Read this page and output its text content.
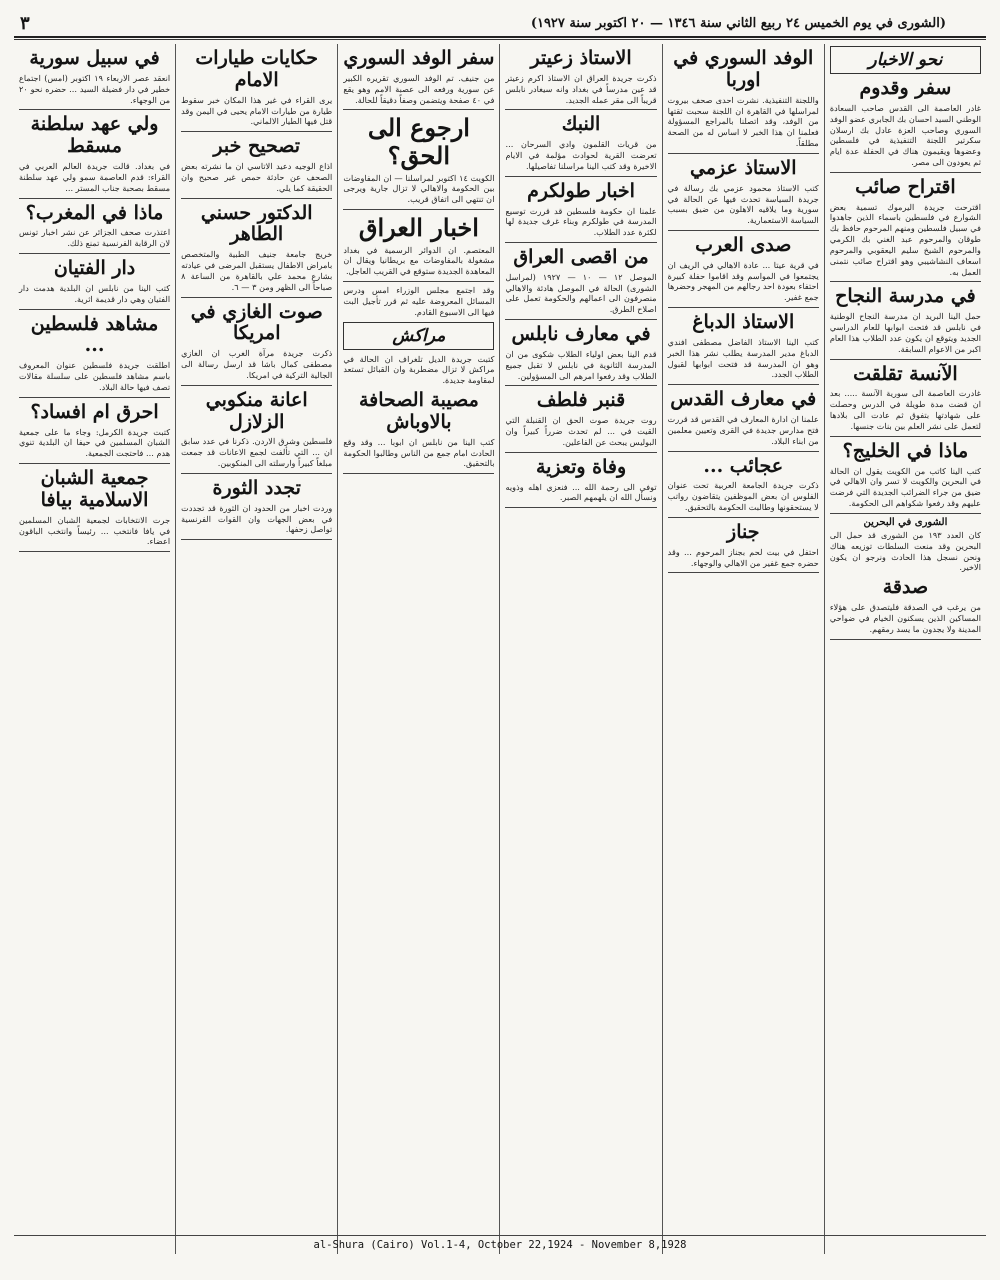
(الشورى في يوم الخميس ٢٤ ربيع الثاني سنة ١٣٤٦ — ٢٠ اكتوبر سنة ١٩٢٧)
٣
نحو الاخبار
سفر وقدوم
غادر العاصمة الى القدس صاحب السعادة الوطني السيد احسان بك الجابري عضو الوفد السوري وصاحب العزة عادل بك ارسلان سكرتير اللجنة التنفيذية في فلسطين وعضوها ويقيمون هناك في الحفلة عدة ايام ثم يعودون الى مصر.
اقتراح صائب
اقترحت جريدة اليرموك تسمية بعض الشوارع في فلسطين باسماء الذين جاهدوا في سبيل فلسطين ومنهم المرحوم حافظ بك طوقان والمرحوم عبد الغني بك الكرمي والمرحوم الشيخ سليم اليعقوبي والمرحوم اسعاف النشاشيبي وهو اقتراح صائب نتمنى العمل به.
في مدرسة النجاح
حمل الينا البريد ان مدرسة النجاح الوطنية في نابلس قد فتحت ابوابها للعام الدراسي الجديد ويتوقع ان يكون عدد الطلاب هذا العام اكبر من الاعوام السابقة.
الآنسة تقلقت
غادرت العاصمة الى سورية الآنسة ..... بعد ان قضت مدة طويلة في الدرس وحصلت على شهادتها بتفوق ثم عادت الى بلادها لتعمل على نشر العلم بين بنات جنسها.
ماذا في الخليج؟
كتب الينا كاتب من الكويت يقول ان الحالة في البحرين والكويت لا تسر وان الاهالي في ضيق من جراء الضرائب الجديدة التي فرضت عليهم وقد رفعوا شكواهم الى الحكومة.
الشورى في البحرين
كان العدد ١٩٣ من الشورى قد حمل الى البحرين وقد منعت السلطات توزيعه هناك ونحن نسجل هذا الحادث ونرجو ان يكون الاخير.
صدقة
من يرغب في الصدقة فليتصدق على هؤلاء المساكين الذين يسكنون الخيام في ضواحي المدينة ولا يجدون ما يسد رمقهم.
الوفد السوري في اوربا
واللجنة التنفيذية. نشرت احدى صحف بيروت لمراسلها في القاهرة ان اللجنة سحبت ثقتها من الوفد، وقد اتصلنا بالمراجع المسؤولة فعلمنا ان هذا الخبر لا اساس له من الصحة مطلقاً.
الاستاذ عزمي
كتب الاستاذ محمود عزمي بك رسالة في جريدة السياسة تحدث فيها عن الحالة في سورية وما يلاقيه الاهلون من ضيق بسبب السياسة الاستعمارية.
صدى العرب
في قرية عيتا ... عادة الاهالي في الريف ان يجتمعوا في المواسم وقد اقاموا حفلة كبيرة احتفاء بعودة احد رجالهم من المهجر وحضرها جمع غفير.
الاستاذ الدباغ
كتب الينا الاستاذ الفاضل مصطفى افندي الدباغ مدير المدرسة يطلب نشر هذا الخبر وهو ان المدرسة قد فتحت ابوابها لقبول الطلاب الجدد.
في معارف القدس
علمنا ان ادارة المعارف في القدس قد قررت فتح مدارس جديدة في القرى وتعيين معلمين من ابناء البلاد.
عجائب ...
ذكرت جريدة الجامعة العربية تحت عنوان الفلوس ان بعض الموظفين يتقاضون رواتب لا يستحقونها وطالبت الحكومة بالتحقيق.
جناز
احتفل في بيت لحم بجناز المرحوم ... وقد حضره جمع غفير من الاهالي والوجهاء.
الاستاذ زعيتر
ذكرت جريدة العراق ان الاستاذ اكرم زعيتر قد عين مدرساً في بغداد وانه سيغادر نابلس قريباً الى مقر عمله الجديد.
النبك
من قريات القلمون وادي السرحان ... تعرضت القرية لحوادث مؤلمة في الايام الاخيرة وقد كتب الينا مراسلنا تفاصيلها.
اخبار طولكرم
علمنا ان حكومة فلسطين قد قررت توسيع المدرسة في طولكرم وبناء غرف جديدة لها لكثرة عدد الطلاب.
من اقصى العراق
الموصل ١٢ — ١٠ — ١٩٢٧ (لمراسل الشورى) الحالة في الموصل هادئة والاهالي منصرفون الى اعمالهم والحكومة تعمل على اصلاح الطرق.
في معارف نابلس
قدم الينا بعض اولياء الطلاب شكوى من ان المدرسة الثانوية في نابلس لا تقبل جميع الطلاب وقد رفعوا امرهم الى المسؤولين.
قنبر فلطف
روت جريدة صوت الحق ان القنبلة التي القيت في ... لم تحدث ضرراً كبيراً وان البوليس يبحث عن الفاعلين.
وفاة وتعزية
توفي الى رحمة الله ... فنعزي اهله وذويه ونسأل الله ان يلهمهم الصبر.
سفر الوفد السوري
من جنيف. تم الوفد السوري تقريره الكبير عن سورية ورفعه الى عصبة الامم وهو يقع في ٤٠ صفحة ويتضمن وصفاً دقيقاً للحالة.
ارجوع الى الحق؟
الكويت ١٤ اكتوبر لمراسلنا — ان المفاوضات بين الحكومة والاهالي لا تزال جارية ويرجى ان تنتهي الى اتفاق قريب.
اخبار العراق
المعتصم. ان الدوائر الرسمية في بغداد مشغولة بالمفاوضات مع بريطانيا ويقال ان المعاهدة الجديدة ستوقع في القريب العاجل.
وقد اجتمع مجلس الوزراء امس ودرس المسائل المعروضة عليه ثم قرر تأجيل البت فيها الى الاسبوع القادم.
مراكش
كتبت جريدة الديل تلغراف ان الحالة في مراكش لا تزال مضطربة وان القبائل تستعد لمقاومة جديدة.
مصيبة الصحافة بالاوباش
كتب الينا من نابلس ان ابوبا ... وقد وقع الحادث امام جمع من الناس وطالبوا الحكومة بالتحقيق.
حكايات طيارات الامام
يرى القراء في غير هذا المكان خبر سقوط طيارة من طيارات الامام يحيى في اليمن وقد قتل فيها الطيار الالماني.
تصحيح خبر
اذاع الوجيه دعيد الاتاسي ان ما نشرته بعض الصحف عن حادثة حمص غير صحيح وان الحقيقة كما يلي.
الدكتور حسني الطاهر
خريج جامعة جنيف الطبية والمتخصص بامراض الاطفال يستقبل المرضى في عيادته بشارع محمد علي بالقاهرة من الساعة ٨ صباحاً الى الظهر ومن ٣ — ٦.
صوت الغازي في امريكا
ذكرت جريدة مرآة الغرب ان الغازي مصطفى كمال باشا قد ارسل رسالة الى الجالية التركية في امريكا.
اعانة منكوبي الزلازل
فلسطين وشرق الاردن. ذكرنا في عدد سابق ان ... التي تألفت لجمع الاعانات قد جمعت مبلغاً كبيراً وارسلته الى المنكوبين.
تجدد الثورة
وردت اخبار من الحدود ان الثورة قد تجددت في بعض الجهات وان القوات الفرنسية تواصل زحفها.
في سبيل سورية
انعقد عصر الاربعاء ١٩ اكتوبر (امس) اجتماع خطير في دار فضيلة السيد ... حضره نحو ٢٠ من الوجهاء.
ولي عهد سلطنة مسقط
في بغداد. قالت جريدة العالم العربي في القراء: قدم العاصمة سمو ولي عهد سلطنة مسقط بصحبة جناب المستر ...
ماذا في المغرب؟
اعتذرت صحف الجزائر عن نشر اخبار تونس لان الرقابة الفرنسية تمنع ذلك.
دار الفتيان
كتب الينا من نابلس ان البلدية هدمت دار الفتيان وهي دار قديمة اثرية.
مشاهد فلسطين ...
اطلقت جريدة فلسطين عنوان المعروف باسم مشاهد فلسطين على سلسلة مقالات تصف فيها حالة البلاد.
احرق ام افساد؟
كتبت جريدة الكرمل: وجاء ما على جمعية الشبان المسلمين في حيفا ان البلدية تنوي هدم ... فاحتجت الجمعية.
جمعية الشبان الاسلامية بيافا
جرت الانتخابات لجمعية الشبان المسلمين في يافا فانتخب ... رئيساً وانتخب الباقون اعضاء.
al-Shura (Cairo) Vol.1-4, October 22,1924 - November 8,1928
